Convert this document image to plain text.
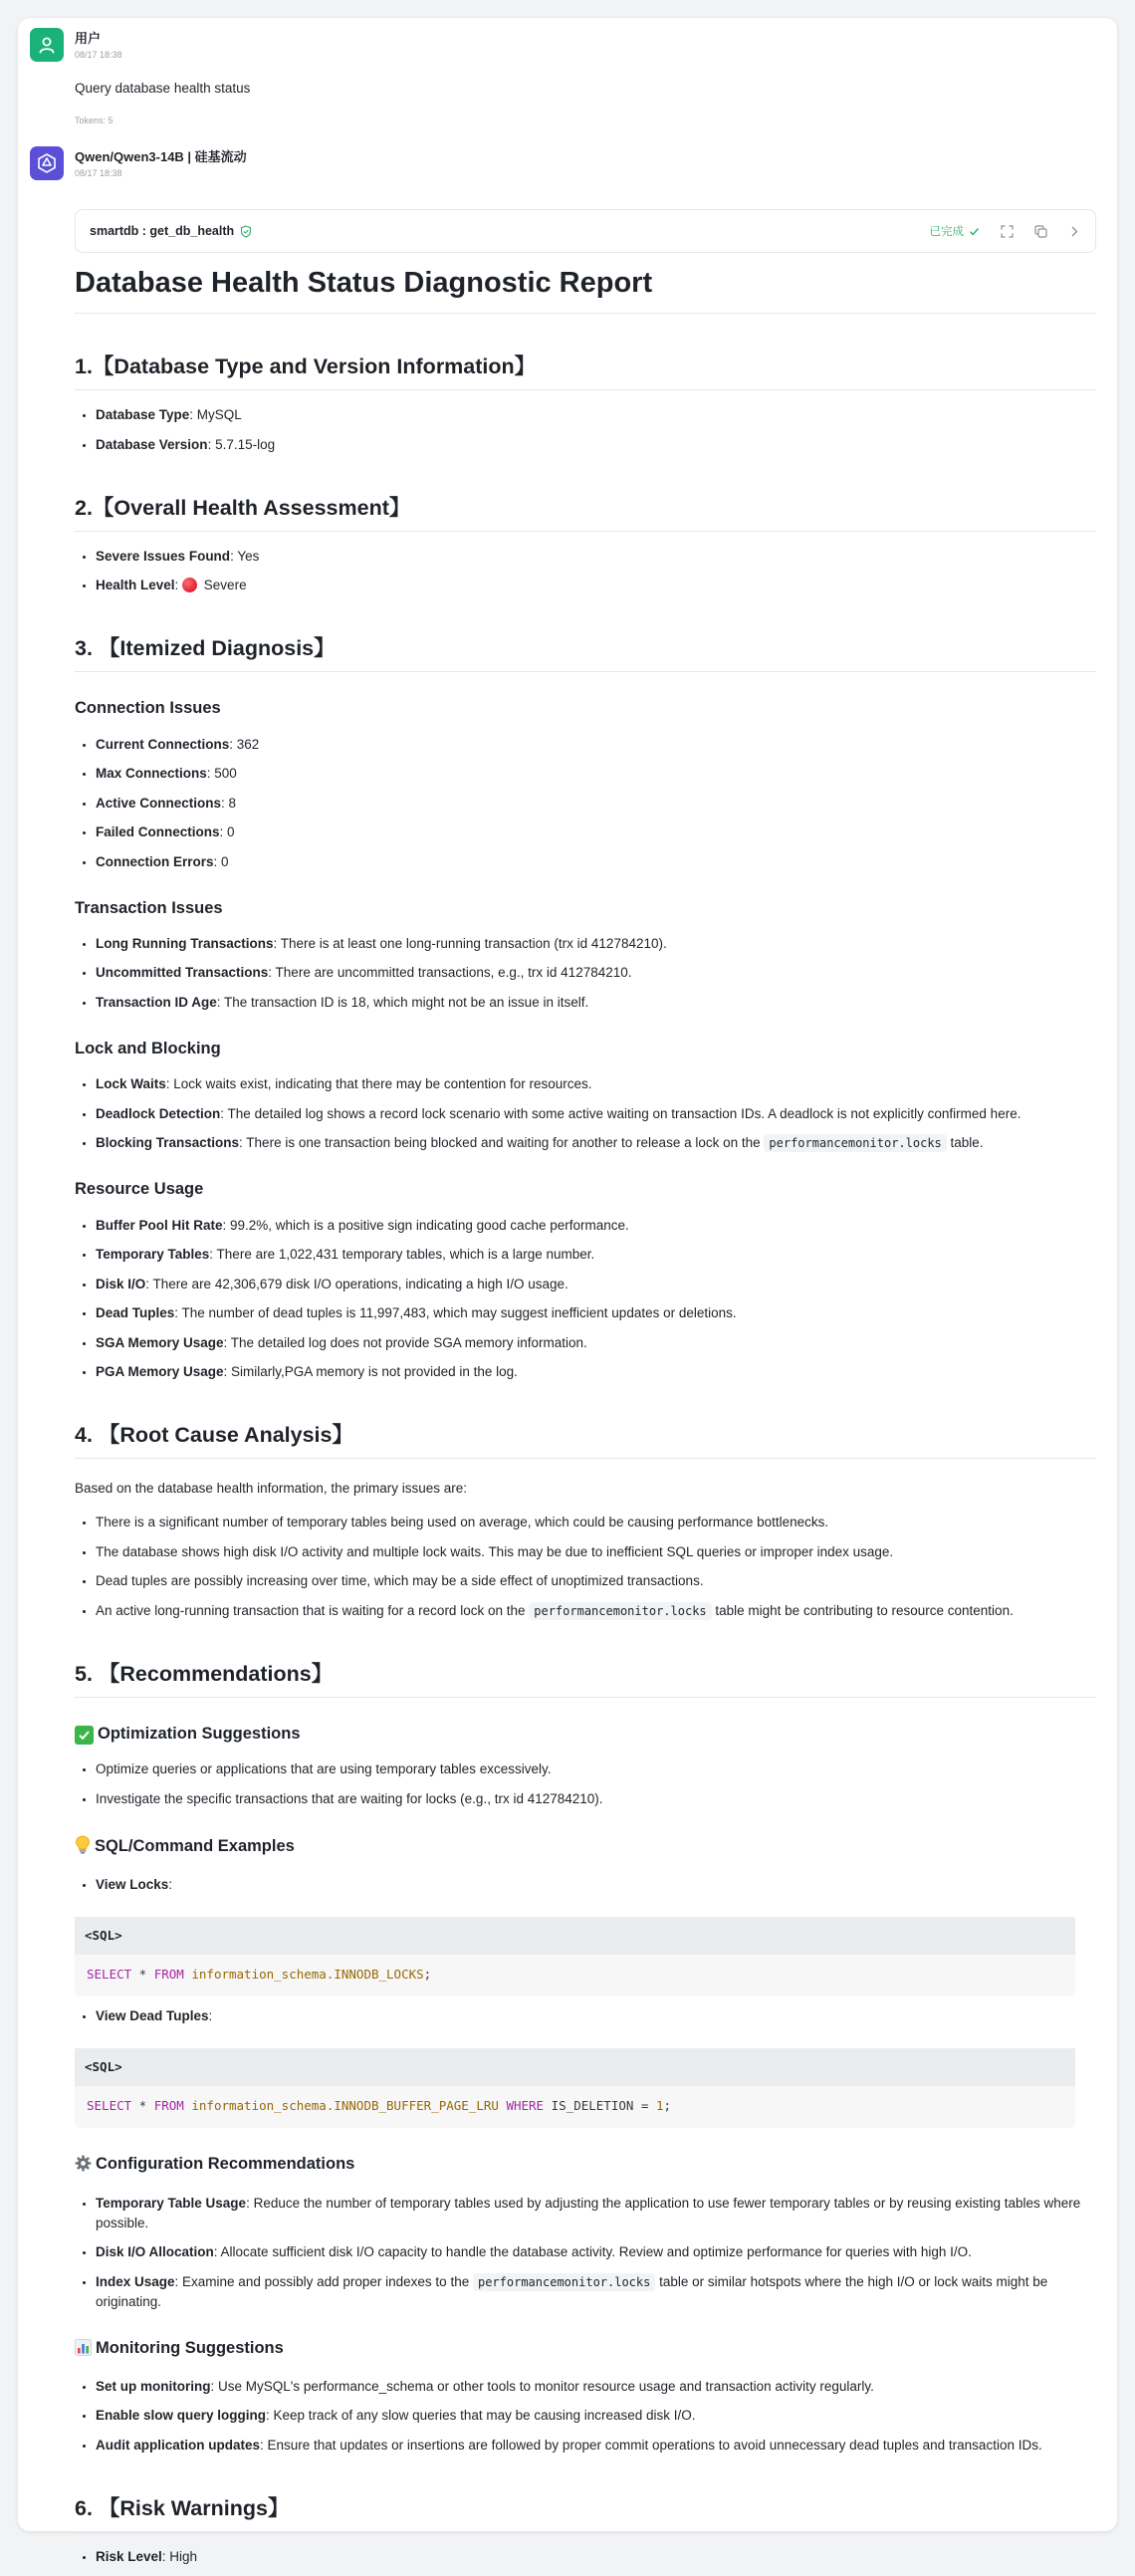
用户
08/17 18:38
Query database health status
Tokens: 5
Qwen/Qwen3-14B | 硅基流动
08/17 18:38
smartdb : get_db_health	已完成
Database Health Status Diagnostic Report
1.【Database Type and Version Information】
• Database Type: MySQL
• Database Version: 5.7.15-log
2.【Overall Health Assessment】
• Severe Issues Found: Yes
• Health Level:  Severe
3. 【Itemized Diagnosis】
Connection Issues
• Current Connections: 362
• Max Connections: 500
• Active Connections: 8
• Failed Connections: 0
• Connection Errors: 0
Transaction Issues
• Long Running Transactions: There is at least one long-running transaction (trx id 412784210).
• Uncommitted Transactions: There are uncommitted transactions, e.g., trx id 412784210.
• Transaction ID Age: The transaction ID is 18, which might not be an issue in itself.
Lock and Blocking
• Lock Waits: Lock waits exist, indicating that there may be contention for resources.
• Deadlock Detection: The detailed log shows a record lock scenario with some active waiting on transaction IDs. A deadlock is not explicitly confirmed here.
• Blocking Transactions: There is one transaction being blocked and waiting for another to release a lock on the performancemonitor.locks table.
Resource Usage
• Buffer Pool Hit Rate: 99.2%, which is a positive sign indicating good cache performance.
• Temporary Tables: There are 1,022,431 temporary tables, which is a large number.
• Disk I/O: There are 42,306,679 disk I/O operations, indicating a high I/O usage.
• Dead Tuples: The number of dead tuples is 11,997,483, which may suggest inefficient updates or deletions.
• SGA Memory Usage: The detailed log does not provide SGA memory information.
• PGA Memory Usage: Similarly,PGA memory is not provided in the log.
4. 【Root Cause Analysis】

Based on the database health information, the primary issues are:

• There is a significant number of temporary tables being used on average, which could be causing performance bottlenecks.
• The database shows high disk I/O activity and multiple lock waits. This may be due to inefficient SQL queries or improper index usage.
• Dead tuples are possibly increasing over time, which may be a side effect of unoptimized transactions.
• An active long-running transaction that is waiting for a record lock on the performancemonitor.locks table might be contributing to resource contention.
5. 【Recommendations】
Optimization Suggestions
• Optimize queries or applications that are using temporary tables excessively.
• Investigate the specific transactions that are waiting for locks (e.g., trx id 412784210).
SQL/Command Examples
• View Locks:
<SQL>
SELECT * FROM information_schema.INNODB_LOCKS;
• View Dead Tuples:
<SQL>
SELECT * FROM information_schema.INNODB_BUFFER_PAGE_LRU WHERE IS_DELETION = 1;
Configuration Recommendations
• Temporary Table Usage: Reduce the number of temporary tables used by adjusting the application to use fewer temporary tables or by reusing existing tables where possible.
• Disk I/O Allocation: Allocate sufficient disk I/O capacity to handle the database activity. Review and optimize performance for queries with high I/O.
• Index Usage: Examine and possibly add proper indexes to the performancemonitor.locks table or similar hotspots where the high I/O or lock waits might be originating.
Monitoring Suggestions
• Set up monitoring: Use MySQL's performance_schema or other tools to monitor resource usage and transaction activity regularly.
• Enable slow query logging: Keep track of any slow queries that may be causing increased disk I/O.
• Audit application updates: Ensure that updates or insertions are followed by proper commit operations to avoid unnecessary dead tuples and transaction IDs.
6. 【Risk Warnings】
• Risk Level: High
